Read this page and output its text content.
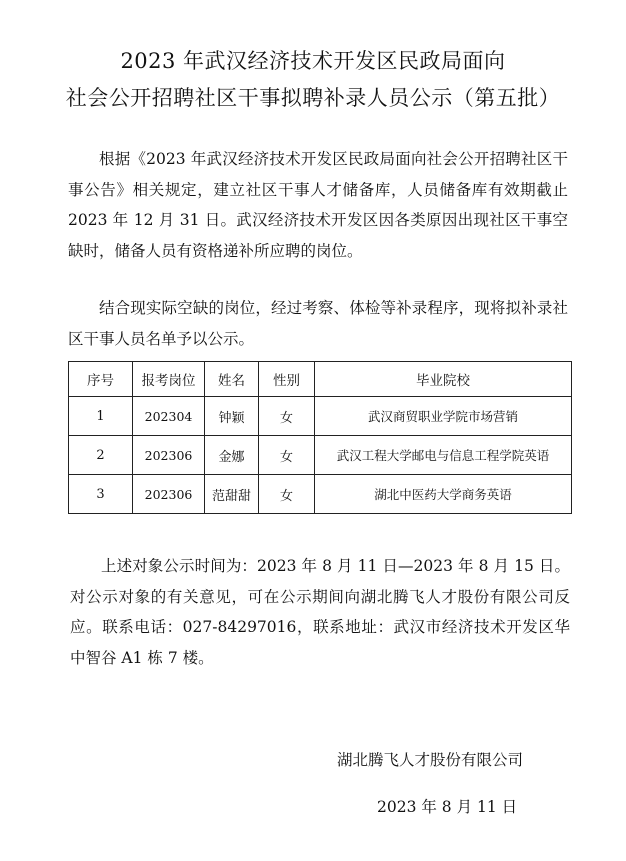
2023 年武汉经济技术开发区民政局面向
社会公开招聘社区干事拟聘补录人员公示（第五批）

根据《2023 年武汉经济技术开发区民政局面向社会公开招聘社区干事公告》相关规定，建立社区干事人才储备库，人员储备库有效期截止 2023 年 12 月 31 日。武汉经济技术开发区因各类原因出现社区干事空缺时，储备人员有资格递补所应聘的岗位。

结合现实际空缺的岗位，经过考察、体检等补录程序，现将拟补录社区干事人员名单予以公示。

序号	报考岗位	姓名	性别	毕业院校
1	202304	钟颖	女	武汉商贸职业学院市场营销
2	202306	金娜	女	武汉工程大学邮电与信息工程学院英语
3	202306	范甜甜	女	湖北中医药大学商务英语

上述对象公示时间为：2023 年 8 月 11 日—2023 年 8 月 15 日。对公示对象的有关意见，可在公示期间向湖北腾飞人才股份有限公司反应。联系电话：027-84297016，联系地址：武汉市经济技术开发区华中智谷 A1 栋 7 楼。

湖北腾飞人才股份有限公司
2023 年 8 月 11 日
